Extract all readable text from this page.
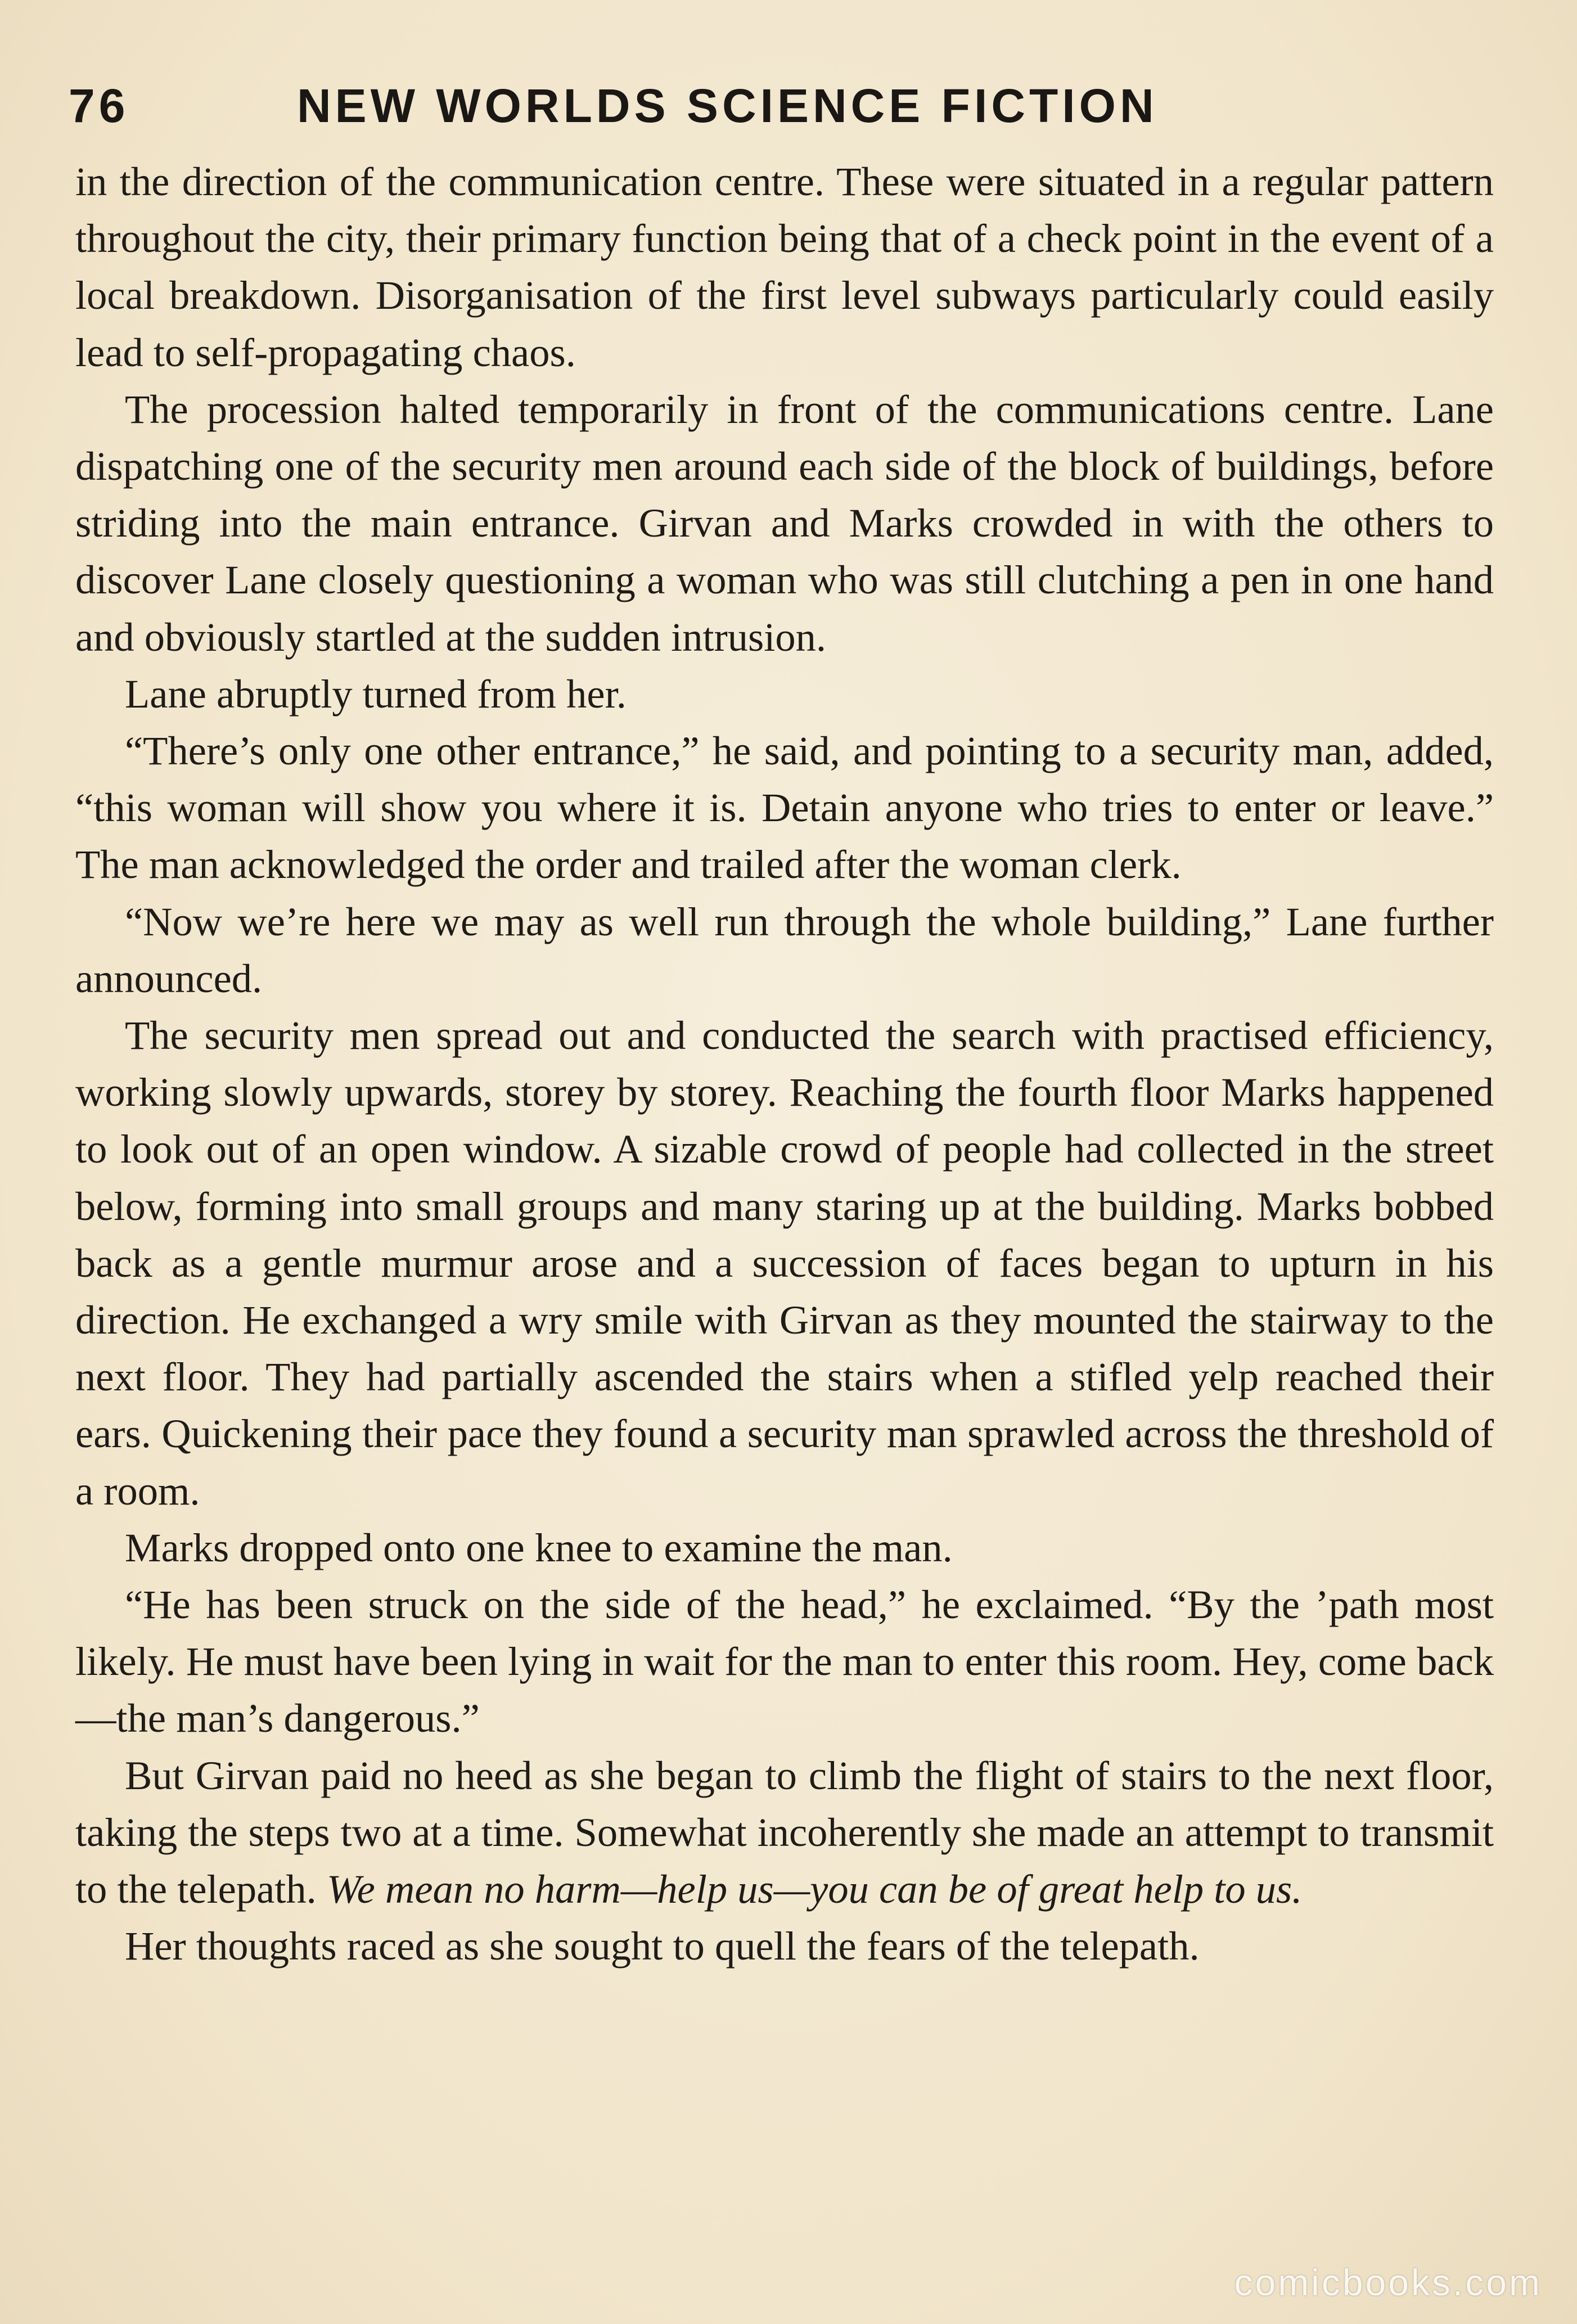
76	NEW WORLDS SCIENCE FICTION

in the direction of the communication centre. These were situated in a regular pattern throughout the city, their primary function being that of a check point in the event of a local breakdown. Disorganisation of the first level subways particularly could easily lead to self-propagating chaos.

The procession halted temporarily in front of the communications centre. Lane dispatching one of the security men around each side of the block of buildings, before striding into the main entrance. Girvan and Marks crowded in with the others to discover Lane closely questioning a woman who was still clutching a pen in one hand and obviously startled at the sudden intrusion.

Lane abruptly turned from her.

“There’s only one other entrance,” he said, and pointing to a security man, added, “this woman will show you where it is. Detain anyone who tries to enter or leave.” The man acknowledged the order and trailed after the woman clerk.

“Now we’re here we may as well run through the whole building,” Lane further announced.

The security men spread out and conducted the search with practised efficiency, working slowly upwards, storey by storey. Reaching the fourth floor Marks happened to look out of an open window. A sizable crowd of people had collected in the street below, forming into small groups and many staring up at the building. Marks bobbed back as a gentle murmur arose and a succession of faces began to upturn in his direction. He exchanged a wry smile with Girvan as they mounted the stairway to the next floor. They had partially ascended the stairs when a stifled yelp reached their ears. Quickening their pace they found a security man sprawled across the threshold of a room.

Marks dropped onto one knee to examine the man.

“He has been struck on the side of the head,” he exclaimed. “By the ’path most likely. He must have been lying in wait for the man to enter this room. Hey, come back—the man’s dangerous.”

But Girvan paid no heed as she began to climb the flight of stairs to the next floor, taking the steps two at a time. Somewhat incoherently she made an attempt to transmit to the telepath. We mean no harm—help us—you can be of great help to us.

Her thoughts raced as she sought to quell the fears of the telepath.

comicbooks.com
